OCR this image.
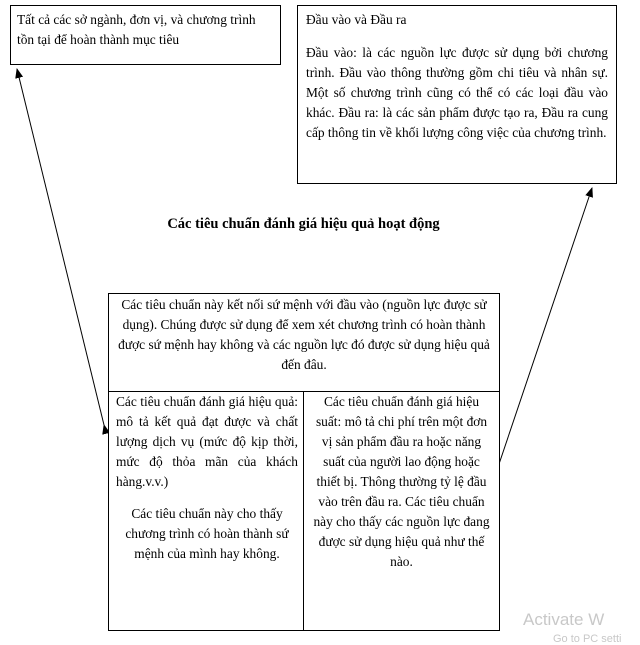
Tất cả các sở ngành, đơn vị, và chương trình tồn tại để hoàn thành mục tiêu

Đầu vào và Đầu ra

Đầu vào: là các nguồn lực được sử dụng bởi chương trình. Đầu vào thông thường gồm chi tiêu và nhân sự. Một số chương trình cũng có thể có các loại đầu vào khác. Đầu ra: là các sản phẩm được tạo ra, Đầu ra cung cấp thông tin về khối lượng công việc của chương trình.

Các tiêu chuẩn đánh giá hiệu quả hoạt động
Các tiêu chuẩn này kết nối sứ mệnh với đầu vào (nguồn lực được sử dụng). Chúng được sử dụng để xem xét chương trình có hoàn thành được sứ mệnh hay không và các nguồn lực đó được sử dụng hiệu quả đến đâu.

Các tiêu chuẩn đánh giá hiệu quả: mô tả kết quả đạt được và chất lượng dịch vụ (mức độ kịp thời, mức độ thỏa mãn của khách hàng.v.v.)

Các tiêu chuẩn này cho thấy chương trình có hoàn thành sứ mệnh của mình hay không.

Các tiêu chuẩn đánh giá hiệu suất: mô tả chi phí trên một đơn vị sản phẩm đầu ra hoặc năng suất của người lao động hoặc thiết bị. Thông thường tỷ lệ đầu vào trên đầu ra. Các tiêu chuẩn này cho thấy các nguồn lực đang được sử dụng hiệu quả như thế nào.

Activate W
Go to PC setti
